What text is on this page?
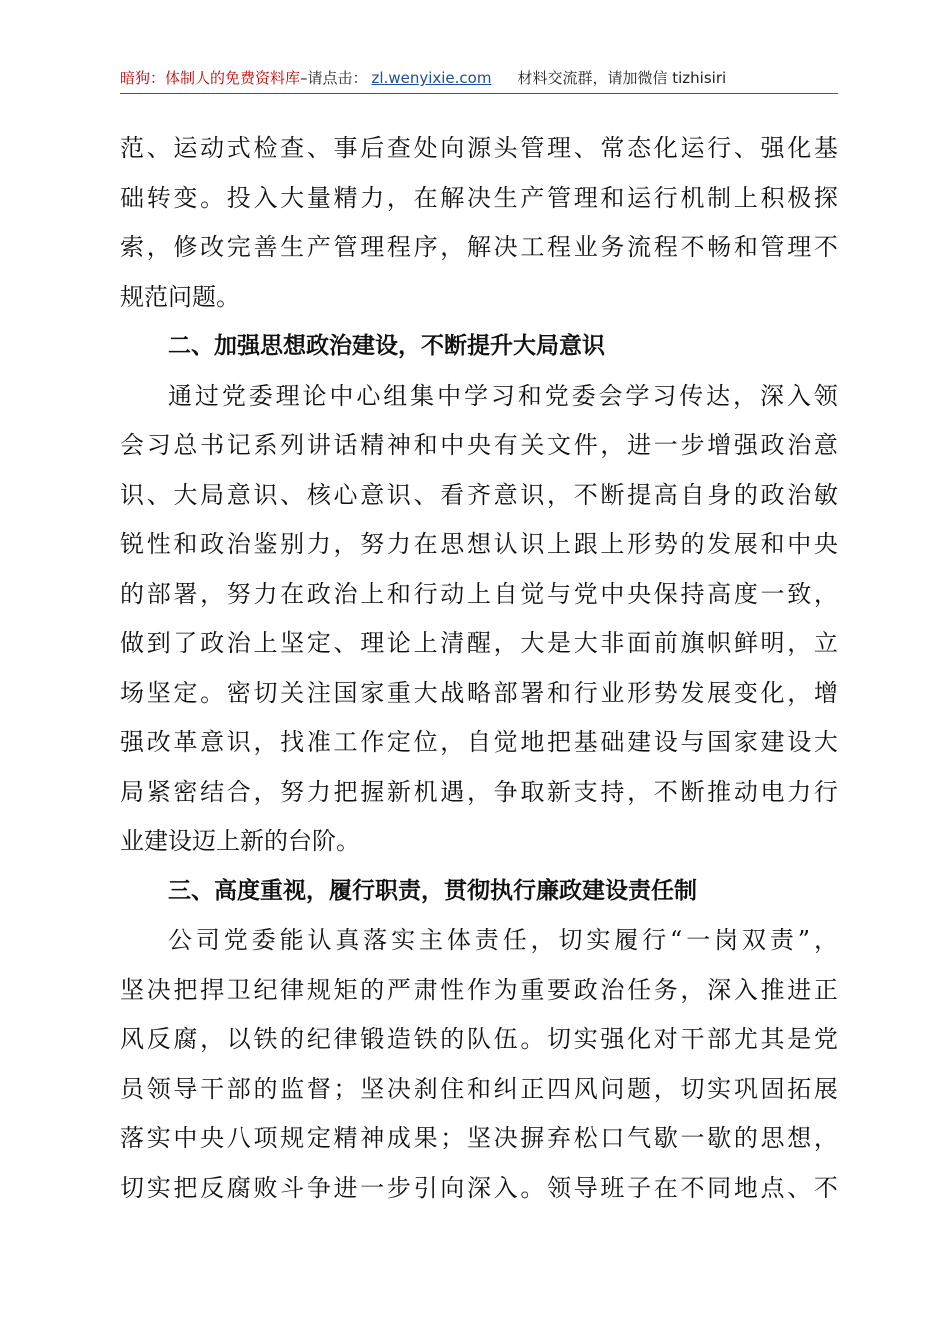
暗狗：体制人的免费资料库–请点击： zl.wenyixie.com 材料交流群，请加微信 tizhisiri
范 、 运 动 式 检 查 、 事 后 查 处 向 源 头 管 理 、 常 态 化 运 行 、 强 化 基
础 转 变 。 投 入 大 量 精 力 ， 在 解 决 生 产 管 理 和 运 行 机 制 上 积 极 探
索 ， 修 改 完 善 生 产 管 理 程 序 ， 解 决 工 程 业 务 流 程 不 畅 和 管 理 不
规范问题。
二、加强思想政治建设，不断提升大局意识
通 过 党 委 理 论 中 心 组 集 中 学 习 和 党 委 会 学 习 传 达 ， 深 入 领
会 习 总 书 记 系 列 讲 话 精 神 和 中 央 有 关 文 件 ， 进 一 步 增 强 政 治 意
识 、 大 局 意 识 、 核 心 意 识 、 看 齐 意 识 ， 不 断 提 高 自 身 的 政 治 敏
锐 性 和 政 治 鉴 别 力 ， 努 力 在 思 想 认 识 上 跟 上 形 势 的 发 展 和 中 央
的 部 署 ， 努 力 在 政 治 上 和 行 动 上 自 觉 与 党 中 央 保 持 高 度 一 致 ，
做 到 了 政 治 上 坚 定 、 理 论 上 清 醒 ， 大 是 大 非 面 前 旗 帜 鲜 明 ， 立
场 坚 定 。 密 切 关 注 国 家 重 大 战 略 部 署 和 行 业 形 势 发 展 变 化 ， 增
强 改 革 意 识 ， 找 准 工 作 定 位 ， 自 觉 地 把 基 础 建 设 与 国 家 建 设 大
局 紧 密 结 合 ， 努 力 把 握 新 机 遇 ， 争 取 新 支 持 ， 不 断 推 动 电 力 行
业建设迈上新的台阶。
三、高度重视，履行职责，贯彻执行廉政建设责任制
公 司 党 委 能 认 真 落 实 主 体 责 任 ， 切 实 履 行 “ 一 岗 双 责 ” ，
坚 决 把 捍 卫 纪 律 规 矩 的 严 肃 性 作 为 重 要 政 治 任 务 ， 深 入 推 进 正
风 反 腐 ， 以 铁 的 纪 律 锻 造 铁 的 队 伍 。 切 实 强 化 对 干 部 尤 其 是 党
员 领 导 干 部 的 监 督 ； 坚 决 刹 住 和 纠 正 四 风 问 题 ， 切 实 巩 固 拓 展
落 实 中 央 八 项 规 定 精 神 成 果 ； 坚 决 摒 弃 松 口 气 歇 一 歇 的 思 想 ，
切 实 把 反 腐 败 斗 争 进 一 步 引 向 深 入 。 领 导 班 子 在 不 同 地 点 、 不
